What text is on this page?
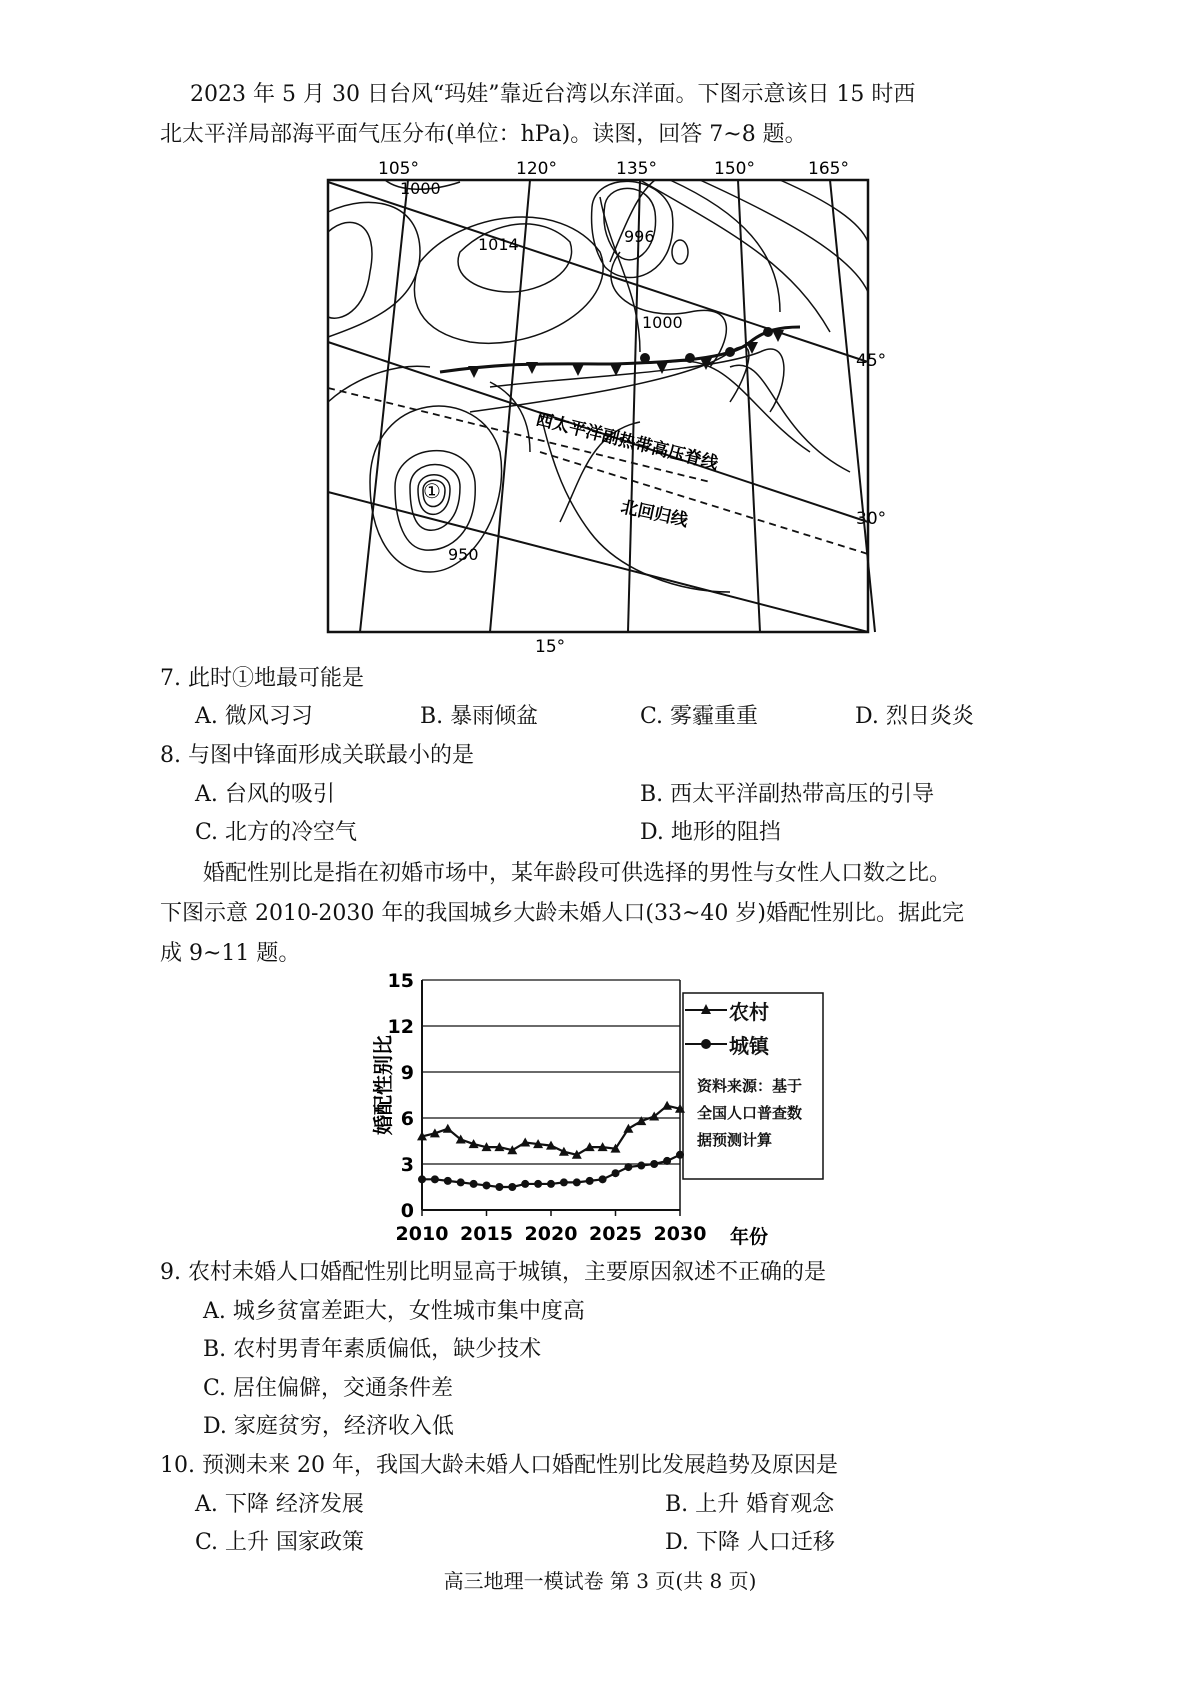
2023 年 5 月 30 日台风“玛娃”靠近台湾以东洋面。下图示意该日 15 时西
北太平洋局部海平面气压分布(单位：hPa)。读图，回答 7~8 题。
105°	120°	135°	150°	165°
45°
30°
15°
1000
1014	996
1000
950
①
西太平洋副热带高压脊线
北回归线
7. 此时①地最可能是
A. 微风习习	B. 暴雨倾盆	C. 雾霾重重	D. 烈日炎炎
8. 与图中锋面形成关联最小的是
A. 台风的吸引	B. 西太平洋副热带高压的引导
C. 北方的冷空气	D. 地形的阻挡
婚配性别比是指在初婚市场中，某年龄段可供选择的男性与女性人口数之比。
下图示意 2010-2030 年的我国城乡大龄未婚人口(33~40 岁)婚配性别比。据此完
成 9~11 题。
0
3
6
9
12
15
2010 2015 2020 2025 2030
婚配性别比
年份
农村
城镇
资料来源：基于
全国人口普查数
据预测计算
9. 农村未婚人口婚配性别比明显高于城镇，主要原因叙述不正确的是
A. 城乡贫富差距大，女性城市集中度高
B. 农村男青年素质偏低，缺少技术
C. 居住偏僻，交通条件差
D. 家庭贫穷，经济收入低
10. 预测未来 20 年，我国大龄未婚人口婚配性别比发展趋势及原因是
A. 下降 经济发展	B. 上升 婚育观念
C. 上升 国家政策	D. 下降 人口迁移
高三地理一模试卷 第 3 页(共 8 页)
